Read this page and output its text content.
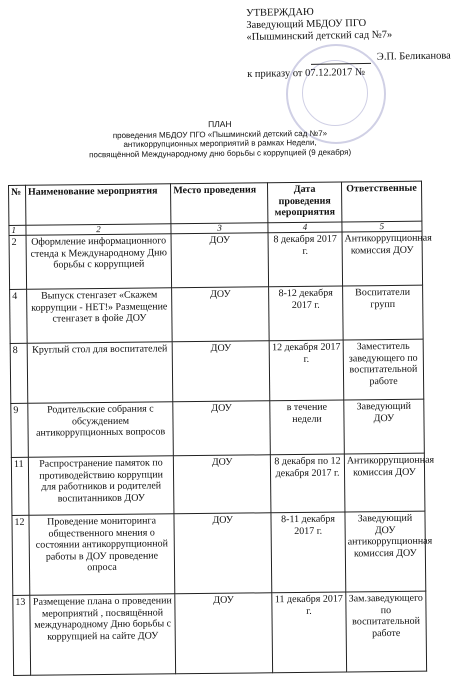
УТВЕРЖДАЮ
Заведующий МБДОУ ПГО
«Пышминский детский сад №7»
Э.П. Беликанова
к приказу от 07.12.2017 №
ПЛАН
проведения МБДОУ ПГО «Пышминский детский сад №7»
антикоррупционных мероприятий в рамках Недели,
посвящённой Международному дню борьбы с коррупцией (9 декабря)
№	Наименование мероприятия	Место проведения	Дата проведения мероприятия	Ответственные
1	2	3	4	5
2	Оформление информационного стенда к Международному Дню борьбы с коррупцией	ДОУ	8 декабря 2017 г.	Антикоррупционная комиссия ДОУ
4	Выпуск стенгазет «Скажем коррупции - НЕТ!» Размещение стенгазет в фойе ДОУ	ДОУ	8-12 декабря 2017 г.	Воспитатели групп
8	Круглый стол для воспитателей	ДОУ	12 декабря 2017 г.	Заместитель заведующего по воспитательной работе
9	Родительские собрания с обсуждением антикоррупционных вопросов	ДОУ	в течение недели	Заведующий ДОУ
11	Распространение памяток по противодействию коррупции для работников и родителей воспитанников ДОУ	ДОУ	8 декабря по 12 декабря 2017 г.	Антикоррупционная комиссия ДОУ
12	Проведение мониторинга общественного мнения о состоянии антикоррупционной работы в ДОУ проведение опроса	ДОУ	8-11 декабря 2017 г.	Заведующий ДОУ антикоррупционная комиссия ДОУ
13	Размещение плана о проведении мероприятий , посвящённой международному Дню борьбы с коррупцией на сайте ДОУ	ДОУ	11 декабря 2017 г.	Зам.заведующего по воспитательной работе
